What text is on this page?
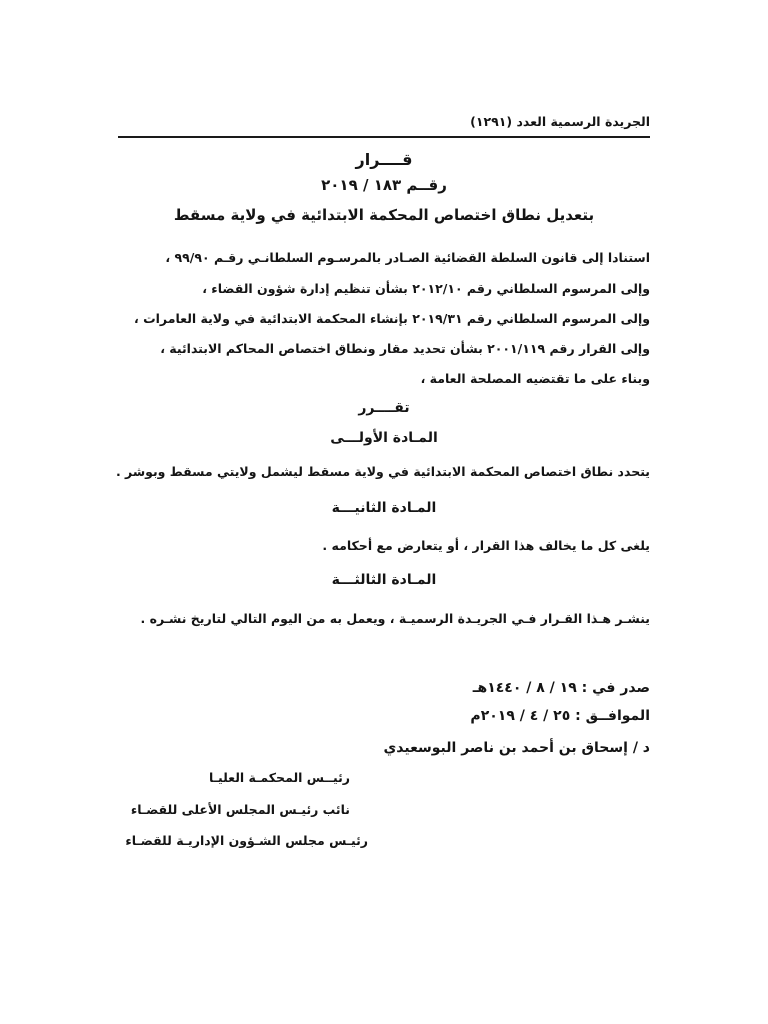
الجريدة الرسمية العدد (١٢٩١)
قــــرار
رقــم ١٨٣ / ٢٠١٩
بتعديل نطاق اختصاص المحكمة الابتدائية في ولاية مسقط
استنادا إلى قانون السلطة القضائية الصـادر بالمرسـوم السلطانـي رقـم ٩٩/٩٠ ،
وإلى المرسوم السلطاني رقم ٢٠١٢/١٠ بشأن تنظيم إدارة شؤون القضاء ،
وإلى المرسوم السلطاني رقم ٢٠١٩/٣١ بإنشاء المحكمة الابتدائية في ولاية العامرات ،
وإلى القرار رقم ٢٠٠١/١١٩ بشأن تحديد مقار ونطاق اختصاص المحاكم الابتدائية ،
وبناء على ما تقتضيه المصلحة العامة ،
تقــــرر
المـادة الأولـــى
يتحدد نطاق اختصاص المحكمة الابتدائية في ولاية مسقط ليشمل ولايتي مسقط وبوشر .
المـادة الثانيـــة
يلغى كل ما يخالف هذا القرار ، أو يتعارض مع أحكامه .
المـادة الثالثـــة
ينشـر هـذا القـرار فـي الجريـدة الرسميـة ، ويعمل به من اليوم التالي لتاريخ نشـره .
صدر في : ١٩ / ٨ / ١٤٤٠هـ
الموافــق : ٢٥ / ٤ / ٢٠١٩م
د / إسحاق بن أحمد بن ناصر البوسعيدي
رئيــس المحكمـة العليـا
نائب رئيـس المجلس الأعلى للقضـاء
رئيـس مجلس الشـؤون الإداريـة للقضـاء
